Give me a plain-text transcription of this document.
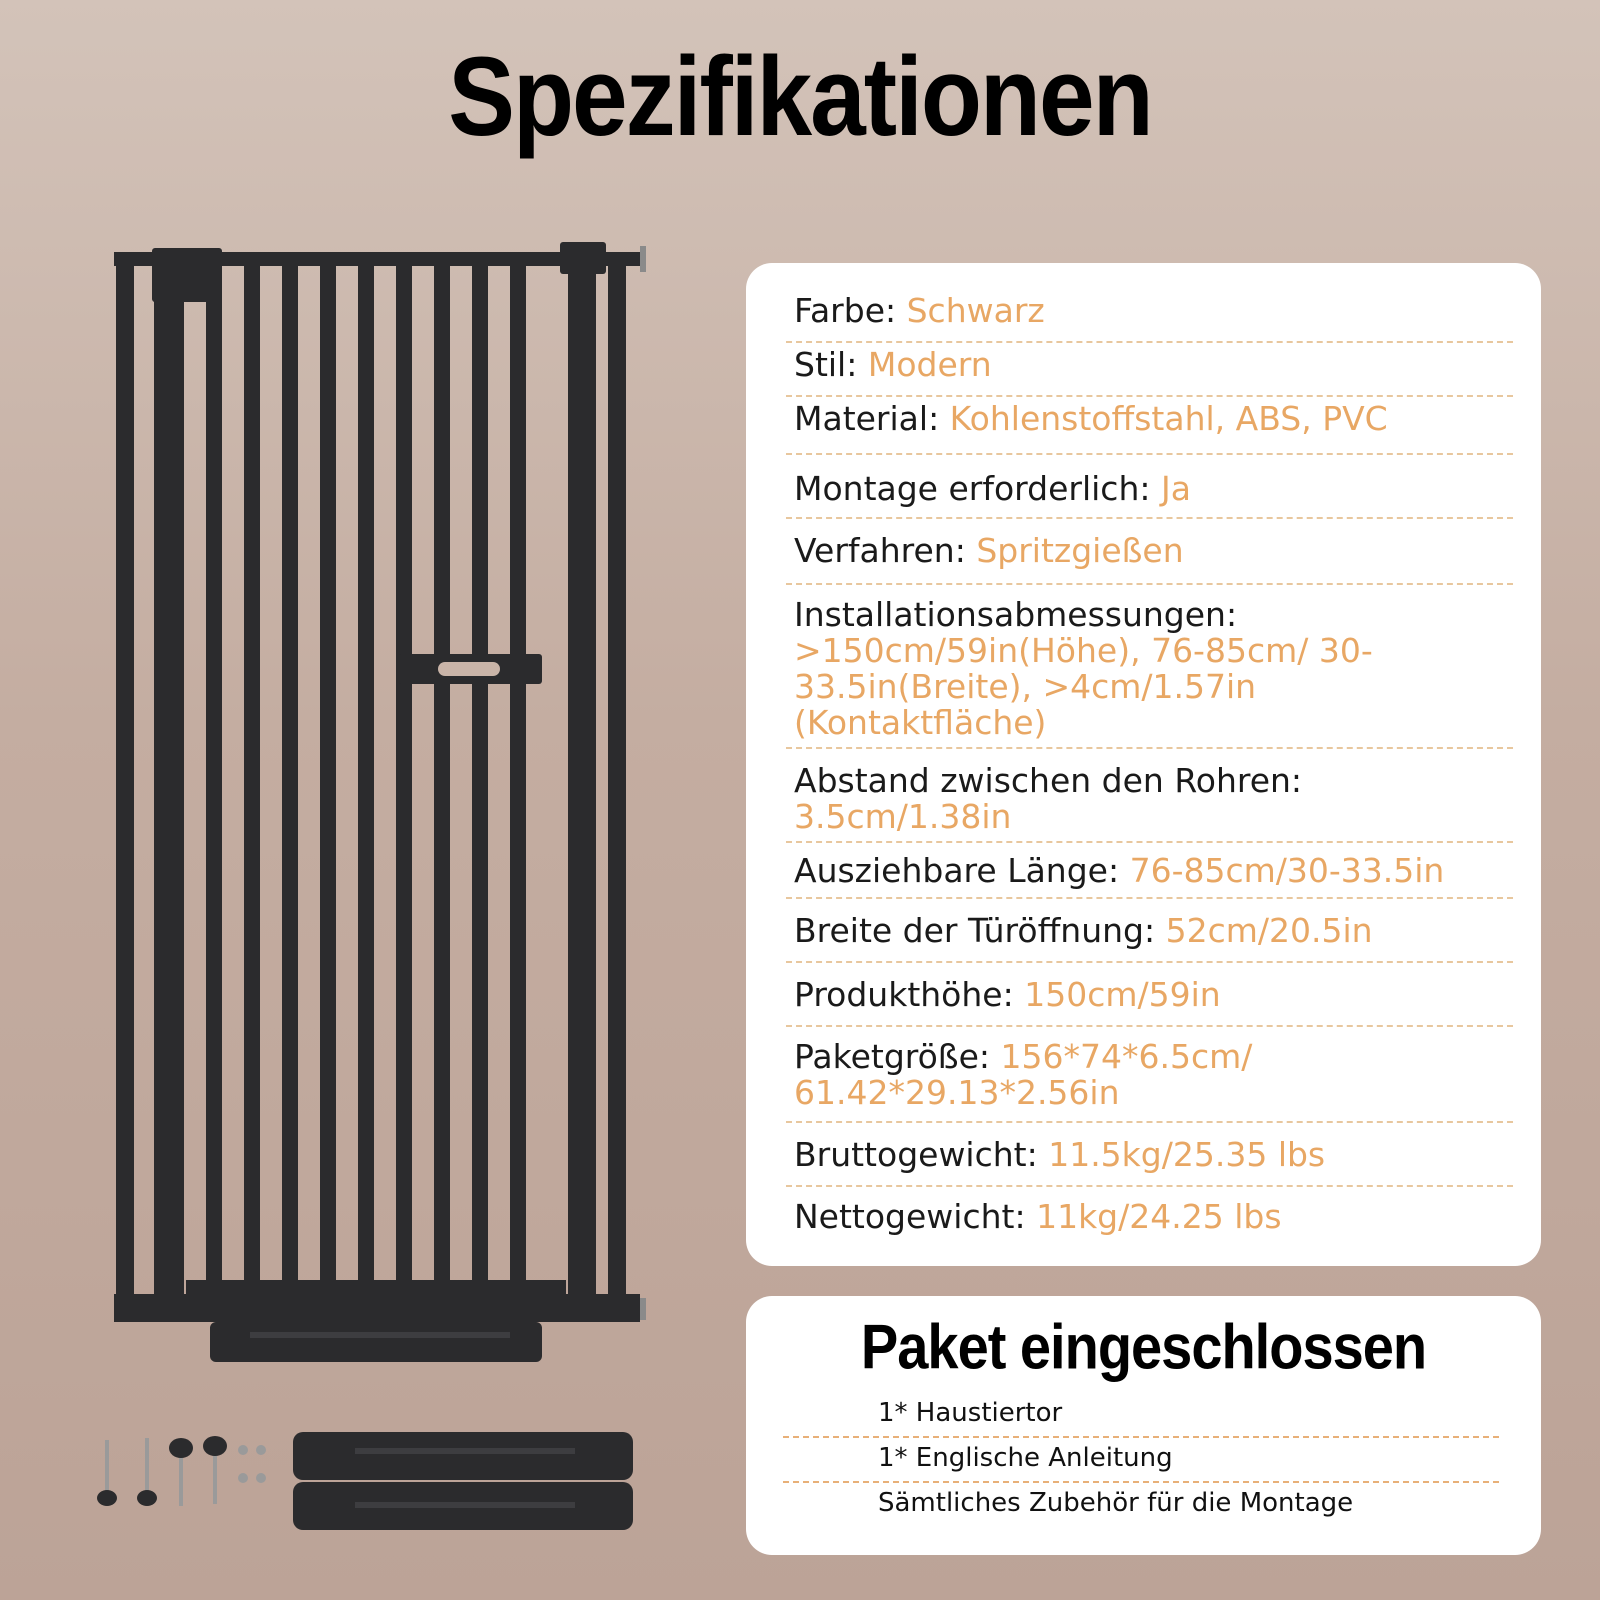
Spezifikationen
Farbe: Schwarz
Stil: Modern
Material: Kohlenstoffstahl, ABS, PVC
Montage erforderlich: Ja
Verfahren: Spritzgießen
Installationsabmessungen:
>150cm/59in(Höhe), 76-85cm/ 30-33.5in(Breite), >4cm/1.57in (Kontaktfläche)
Abstand zwischen den Rohren:
3.5cm/1.38in
Ausziehbare Länge: 76-85cm/30-33.5in
Breite der Türöffnung: 52cm/20.5in
Produkthöhe: 150cm/59in
Paketgröße: 156*74*6.5cm/ 61.42*29.13*2.56in
Bruttogewicht: 11.5kg/25.35 lbs
Nettogewicht: 11kg/24.25 lbs
Paket eingeschlossen
1* Haustiertor
1* Englische Anleitung
Sämtliches Zubehör für die Montage
